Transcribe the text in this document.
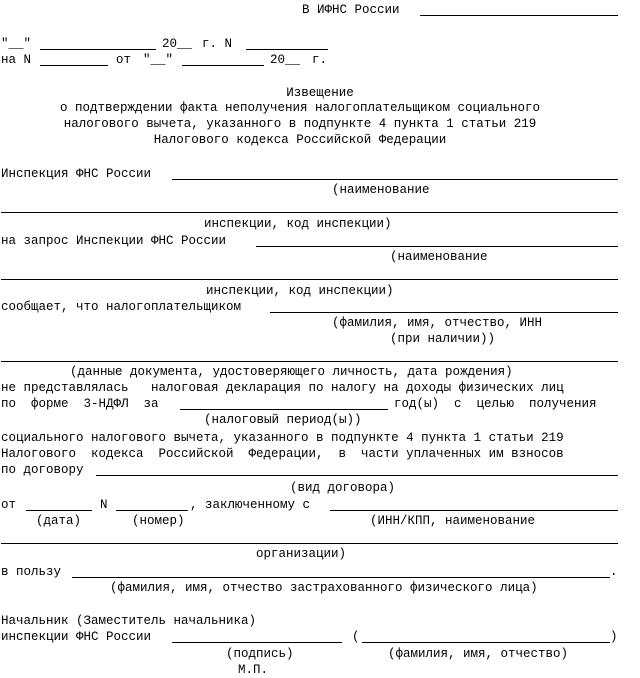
В ИФНС России
"__"	20__ г. N
на N	от "__"	20__ г.
Извещение
о подтверждении факта неполучения налогоплательщиком социального
налогового вычета, указанного в подпункте 4 пункта 1 статьи 219
Налогового кодекса Российской Федерации
Инспекция ФНС России
(наименование
инспекции, код инспекции)
на запрос Инспекции ФНС России
(наименование
инспекции, код инспекции)
сообщает, что налогоплательщиком
(фамилия, имя, отчество, ИНН
(при наличии))
(данные документа, удостоверяющего личность, дата рождения)
не представлялась   налоговая декларация по налогу на доходы физических лиц
по  форме  3-НДФЛ  за	год(ы)  с  целью  получения
(налоговый период(ы))
социального налогового вычета, указанного в подпункте 4 пункта 1 статьи 219
Налогового  кодекса  Российской  Федерации,  в  части уплаченных им взносов
по договору
(вид договора)
от	N	, заключенному с
(дата)	(номер)	(ИНН/КПП, наименование
организации)
в пользу	.
(фамилия, имя, отчество застрахованного физического лица)
Начальник (Заместитель начальника)
инспекции ФНС России	(	)
(подпись)	(фамилия, имя, отчество)
М.П.
